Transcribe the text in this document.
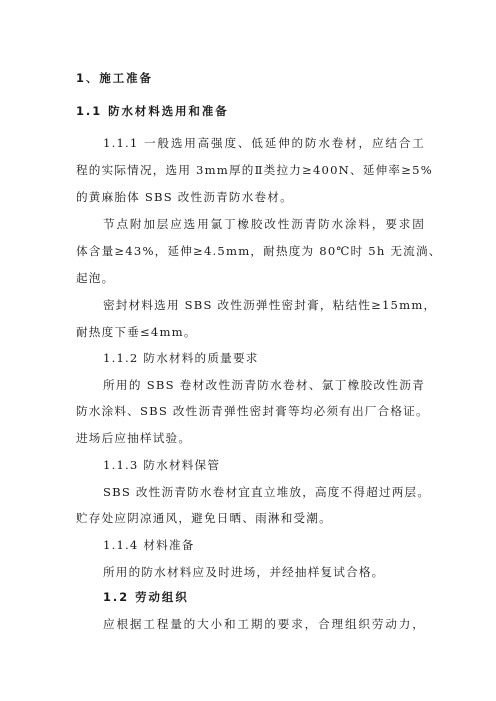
1、施工准备
1.1 防水材料选用和准备
1.1.1 一般选用高强度、低延伸的防水卷材，应结合工
程的实际情况，选用 3mm厚的Ⅱ类拉力≥400N、延伸率≥5%
的黄麻胎体 SBS 改性沥青防水卷材。
节点附加层应选用氯丁橡胶改性沥青防水涂料，要求固
体含量≥43%，延伸≥4.5mm，耐热度为 80℃时 5h 无流淌、
起泡。
密封材料选用 SBS 改性沥弹性密封膏，粘结性≥15mm，
耐热度下垂≤4mm。
1.1.2 防水材料的质量要求
所用的 SBS 卷材改性沥青防水卷材、氯丁橡胶改性沥青
防水涂料、SBS 改性沥青弹性密封膏等均必须有出厂合格证。
进场后应抽样试验。
1.1.3 防水材料保管
SBS 改性沥青防水卷材宜直立堆放，高度不得超过两层。
贮存处应阴凉通风，避免日晒、雨淋和受潮。
1.1.4 材料准备
所用的防水材料应及时进场，并经抽样复试合格。
1.2 劳动组织
应根据工程量的大小和工期的要求，合理组织劳动力，
